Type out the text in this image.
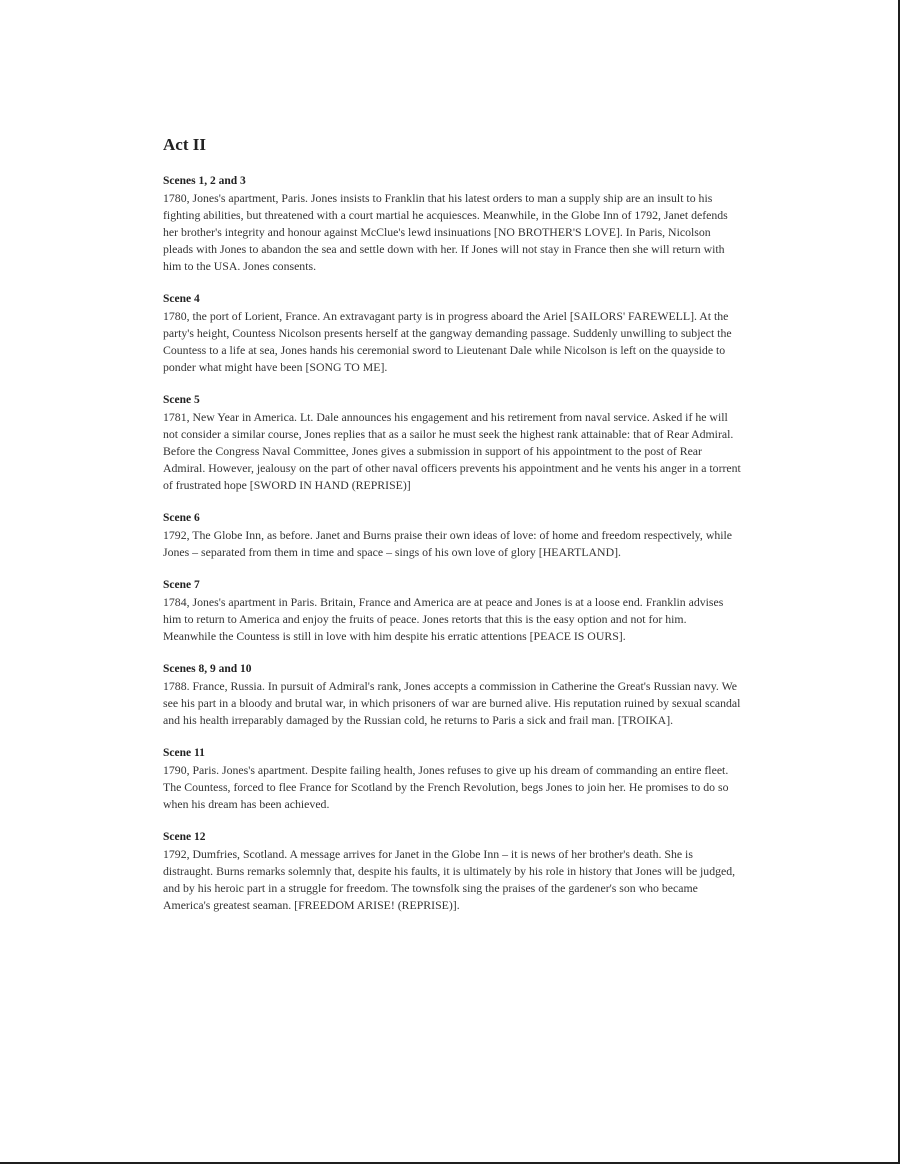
Act II

Scenes 1, 2 and 3

1780, Jones's apartment, Paris. Jones insists to Franklin that his latest orders to man a supply ship are an insult to his fighting abilities, but threatened with a court martial he acquiesces. Meanwhile, in the Globe Inn of 1792, Janet defends her brother's integrity and honour against McClue's lewd insinuations [NO BROTHER'S LOVE]. In Paris, Nicolson pleads with Jones to abandon the sea and settle down with her. If Jones will not stay in France then she will return with him to the USA. Jones consents.

Scene 4

1780, the port of Lorient, France. An extravagant party is in progress aboard the Ariel [SAILORS' FAREWELL]. At the party's height, Countess Nicolson presents herself at the gangway demanding passage. Suddenly unwilling to subject the Countess to a life at sea, Jones hands his ceremonial sword to Lieutenant Dale while Nicolson is left on the quayside to ponder what might have been [SONG TO ME].

Scene 5

1781, New Year in America. Lt. Dale announces his engagement and his retirement from naval service. Asked if he will not consider a similar course, Jones replies that as a sailor he must seek the highest rank attainable: that of Rear Admiral. Before the Congress Naval Committee, Jones gives a submission in support of his appointment to the post of Rear Admiral. However, jealousy on the part of other naval officers prevents his appointment and he vents his anger in a torrent of frustrated hope [SWORD IN HAND (REPRISE)]

Scene 6

1792, The Globe Inn, as before. Janet and Burns praise their own ideas of love: of home and freedom respectively, while Jones – separated from them in time and space – sings of his own love of glory [HEARTLAND].

Scene 7

1784, Jones's apartment in Paris. Britain, France and America are at peace and Jones is at a loose end. Franklin advises him to return to America and enjoy the fruits of peace. Jones retorts that this is the easy option and not for him. Meanwhile the Countess is still in love with him despite his erratic attentions [PEACE IS OURS].

Scenes 8, 9 and 10

1788. France, Russia. In pursuit of Admiral's rank, Jones accepts a commission in Catherine the Great's Russian navy. We see his part in a bloody and brutal war, in which prisoners of war are burned alive. His reputation ruined by sexual scandal and his health irreparably damaged by the Russian cold, he returns to Paris a sick and frail man. [TROIKA].

Scene 11

1790, Paris. Jones's apartment. Despite failing health, Jones refuses to give up his dream of commanding an entire fleet. The Countess, forced to flee France for Scotland by the French Revolution, begs Jones to join her. He promises to do so when his dream has been achieved.

Scene 12

1792, Dumfries, Scotland. A message arrives for Janet in the Globe Inn – it is news of her brother's death. She is distraught. Burns remarks solemnly that, despite his faults, it is ultimately by his role in history that Jones will be judged, and by his heroic part in a struggle for freedom. The townsfolk sing the praises of the gardener's son who became America's greatest seaman. [FREEDOM ARISE! (REPRISE)].
